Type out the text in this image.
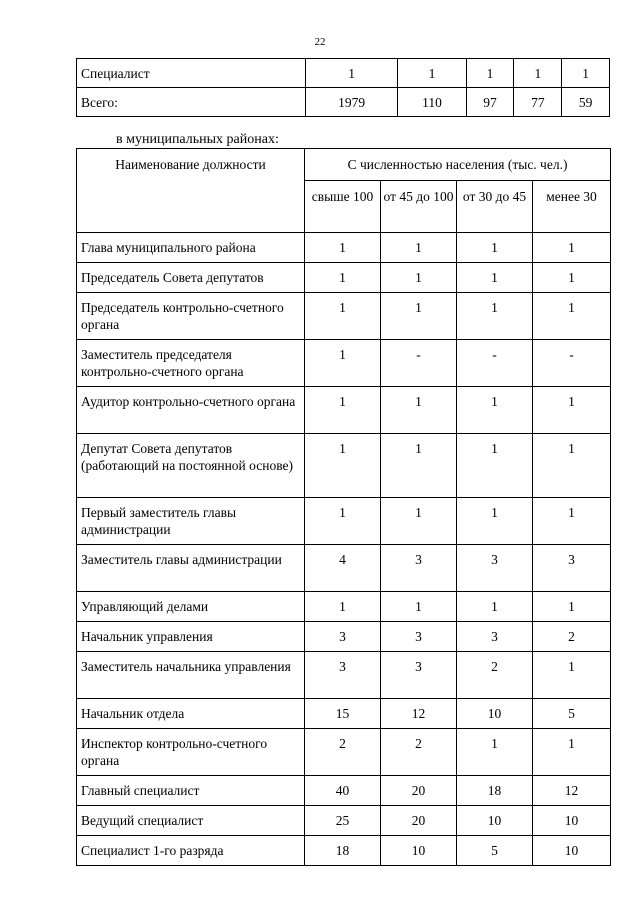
22
Специалист	1	1	1	1	1
Всего:	1979	110	97	77	59
в муниципальных районах:
Наименование должности	С численностью населения (тыс. чел.)			
	свыше 100	от 45 до 100	от 30 до 45	менее 30
Глава муниципального района	1	1	1	1
Председатель Совета депутатов	1	1	1	1
Председатель контрольно-счетного органа	1	1	1	1
Заместитель председателя контрольно-счетного органа	1	-	-	-
Аудитор контрольно-счетного органа	1	1	1	1
Депутат Совета депутатов (работающий на постоянной основе)	1	1	1	1
Первый заместитель главы администрации	1	1	1	1
Заместитель главы администрации	4	3	3	3
Управляющий делами	1	1	1	1
Начальник управления	3	3	3	2
Заместитель начальника управления	3	3	2	1
Начальник отдела	15	12	10	5
Инспектор контрольно-счетного органа	2	2	1	1
Главный специалист	40	20	18	12
Ведущий специалист	25	20	10	10
Специалист 1-го разряда	18	10	5	10
